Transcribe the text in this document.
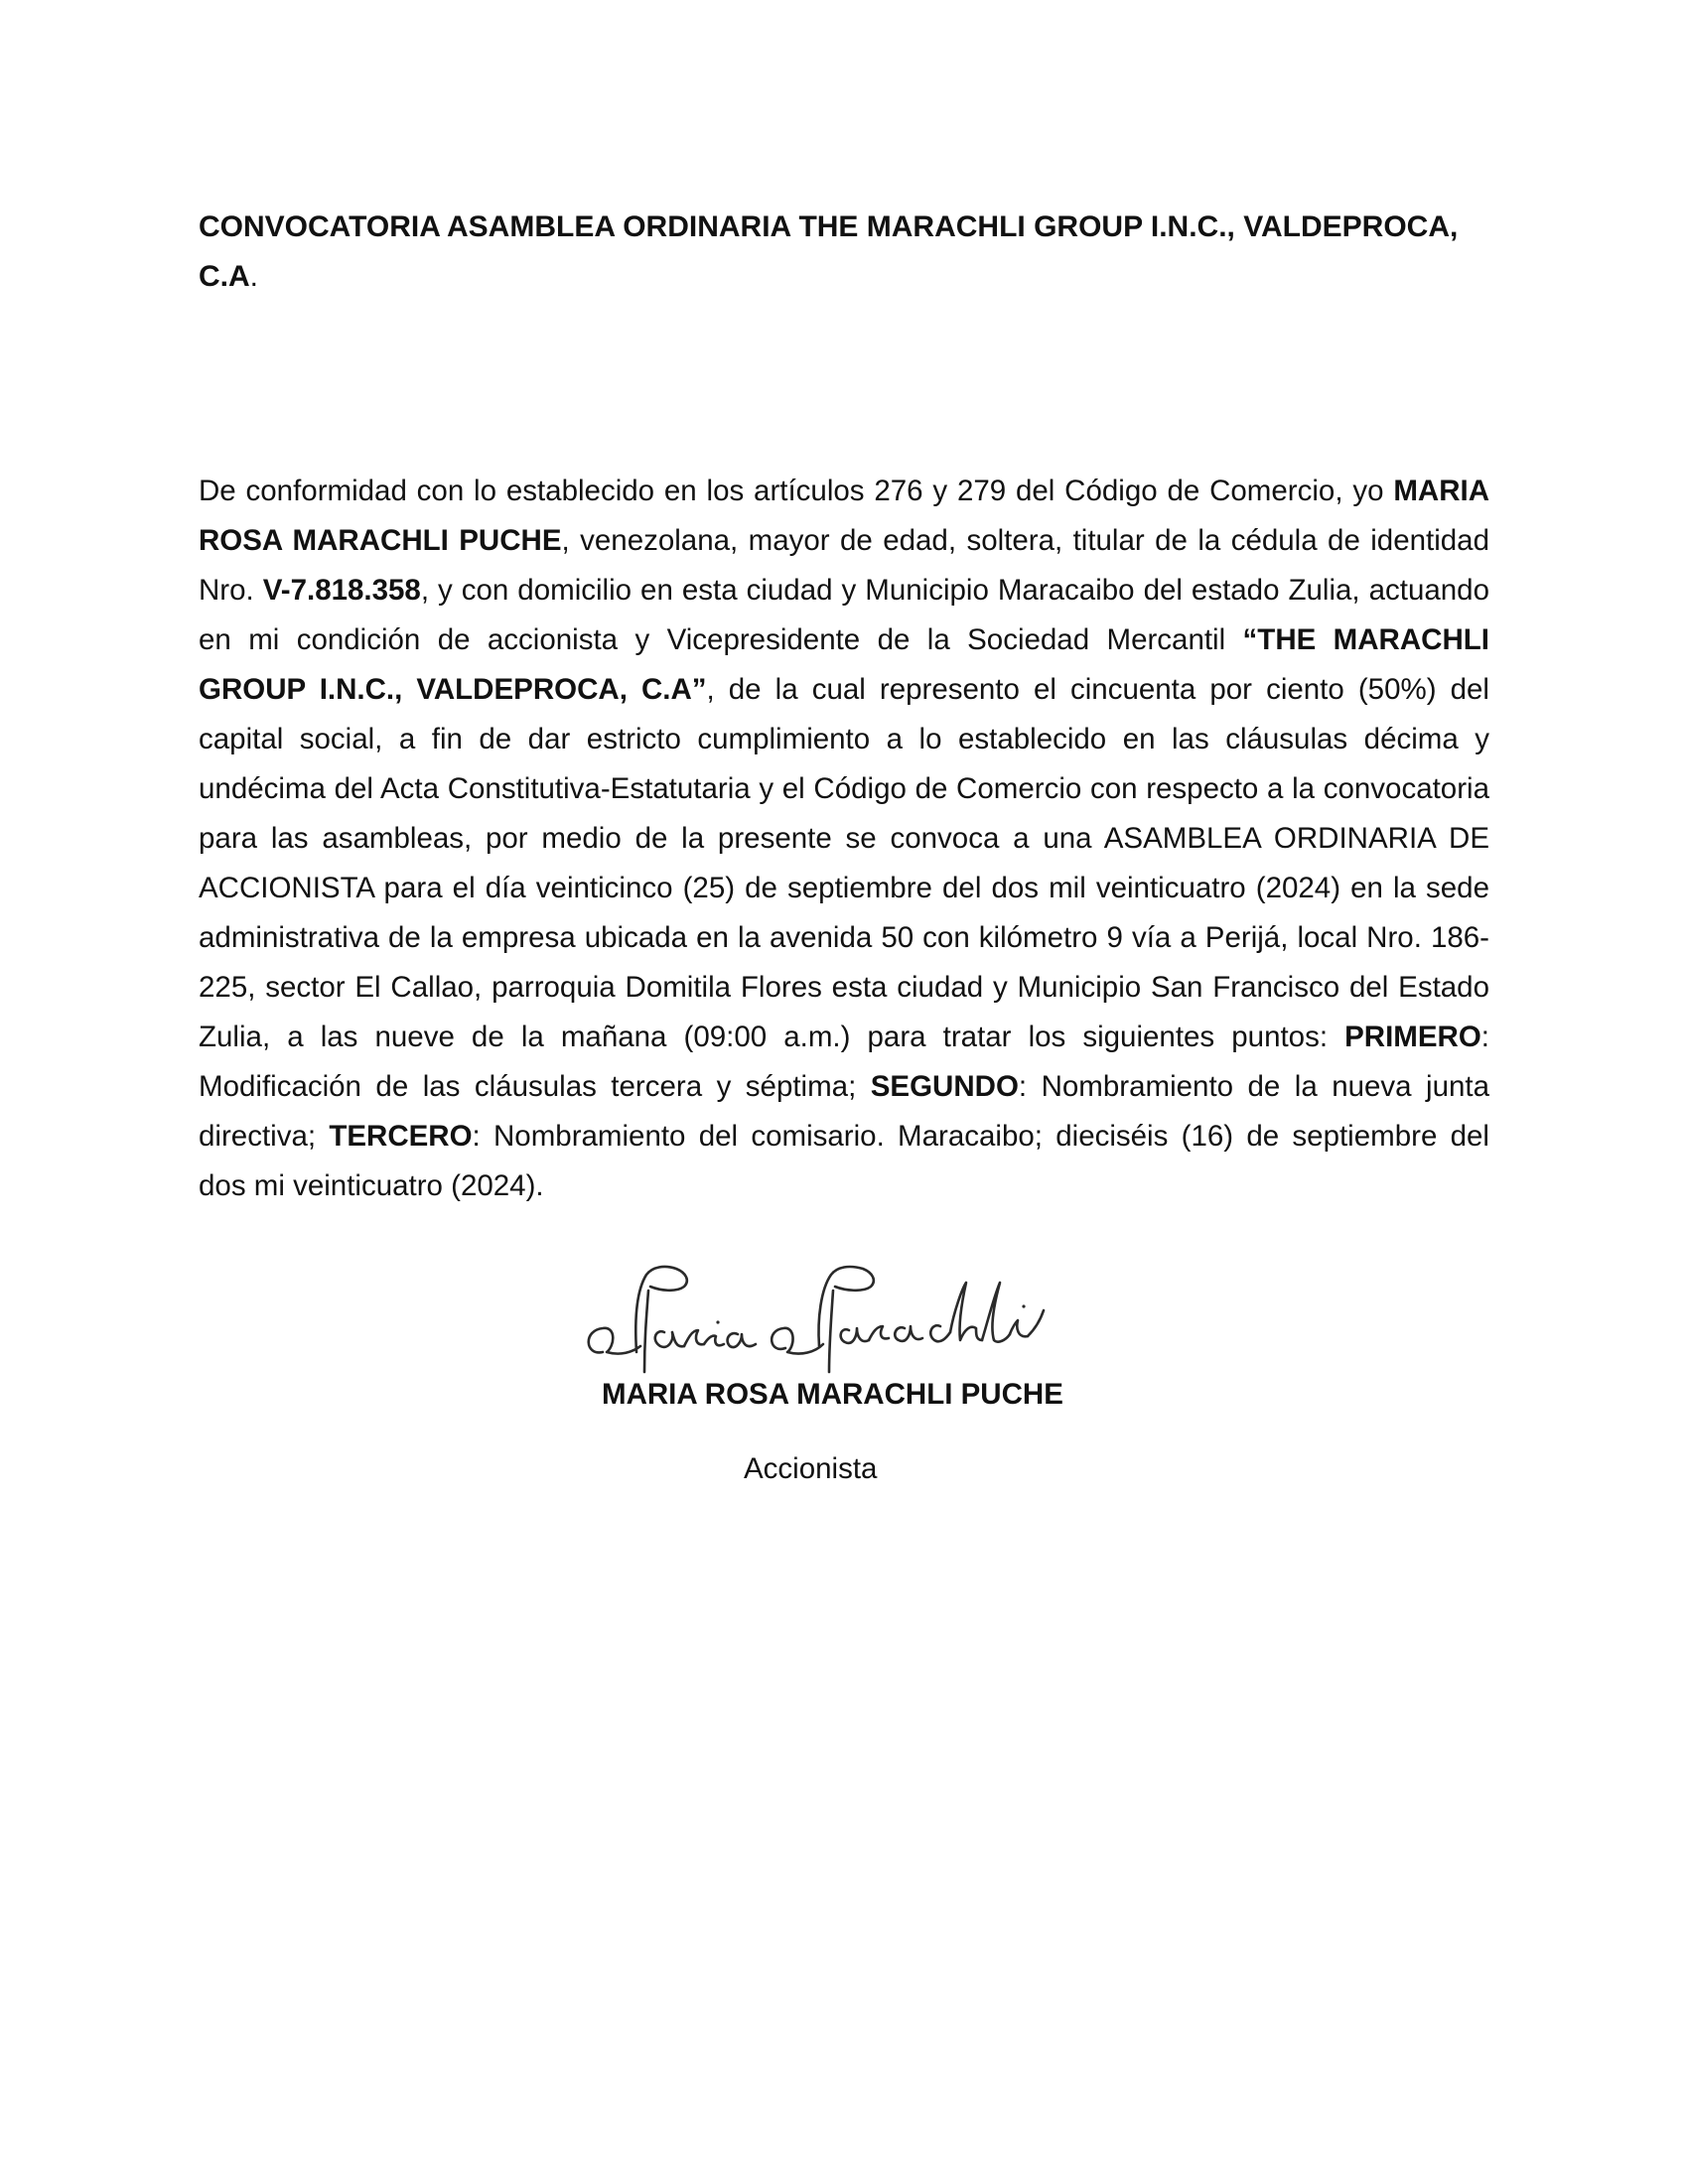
CONVOCATORIA ASAMBLEA ORDINARIA THE MARACHLI GROUP I.N.C., VALDEPROCA, C.A.

De conformidad con lo establecido en los artículos 276 y 279 del Código de Comercio, yo MARIA ROSA MARACHLI PUCHE, venezolana, mayor de edad, soltera, titular de la cédula de identidad Nro. V-7.818.358, y con domicilio en esta ciudad y Municipio Maracaibo del estado Zulia, actuando en mi condición de accionista y Vicepresidente de la Sociedad Mercantil “THE MARACHLI GROUP I.N.C., VALDEPROCA, C.A”, de la cual represento el cincuenta por ciento (50%) del capital social, a fin de dar estricto cumplimiento a lo establecido en las cláusulas décima y undécima del Acta Constitutiva-Estatutaria y el Código de Comercio con respecto a la convocatoria para las asambleas, por medio de la presente se convoca a una ASAMBLEA ORDINARIA DE ACCIONISTA para el día veinticinco (25) de septiembre del dos mil veinticuatro (2024) en la sede administrativa de la empresa ubicada en la avenida 50 con kilómetro 9 vía a Perijá, local Nro. 186-225, sector El Callao, parroquia Domitila Flores esta ciudad y Municipio San Francisco del Estado Zulia, a las nueve de la mañana (09:00 a.m.) para tratar los siguientes puntos: PRIMERO: Modificación de las cláusulas tercera y séptima; SEGUNDO: Nombramiento de la nueva junta directiva; TERCERO: Nombramiento del comisario. Maracaibo; dieciséis (16) de septiembre del dos mi veinticuatro (2024).

MARIA ROSA MARACHLI PUCHE

Accionista
